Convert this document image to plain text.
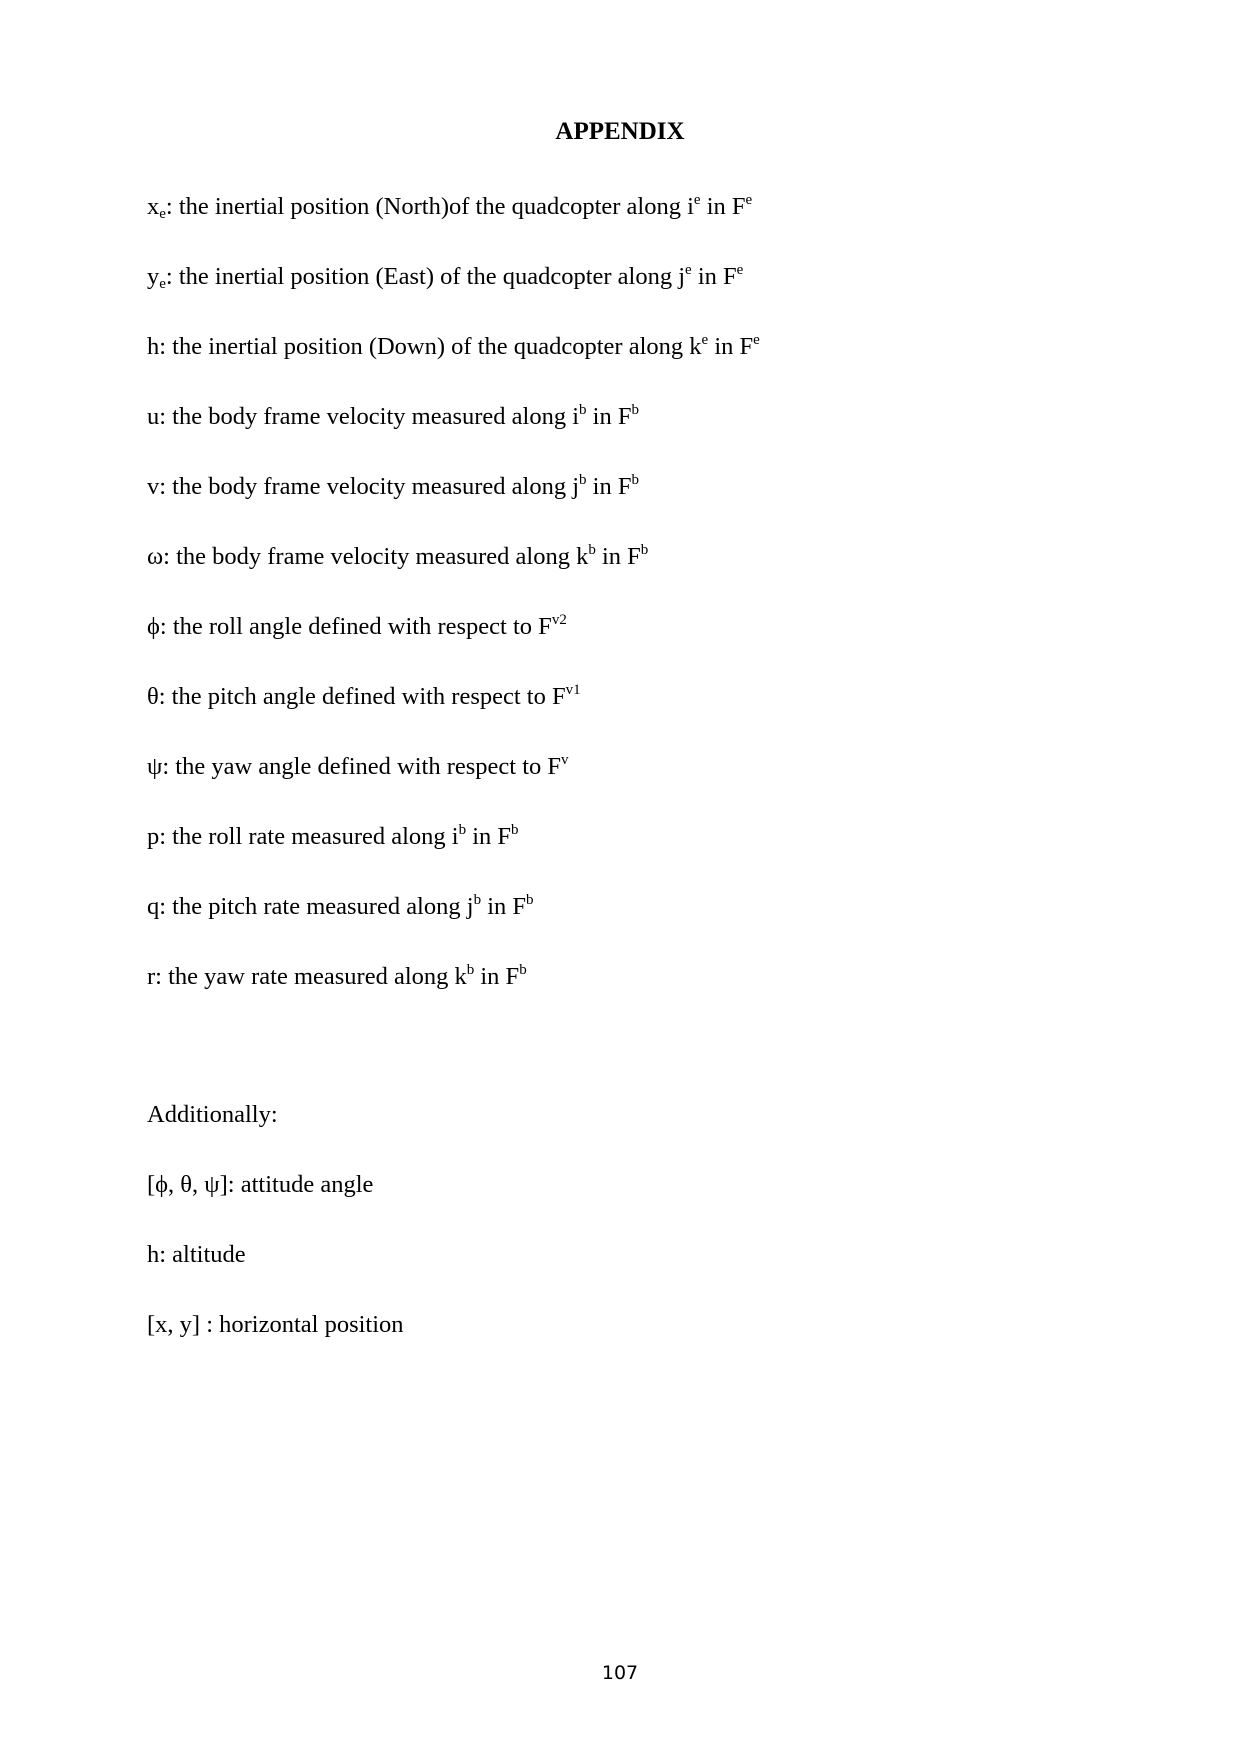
APPENDIX
$x_e$: the inertial position (North)of the quadcopter along $i^e$ in $F^e$
$y_e$: the inertial position (East) of the quadcopter along $j^e$ in $F^e$
h: the inertial position (Down) of the quadcopter along $k^e$ in $F^e$
u: the body frame velocity measured along $i^b$ in $F^b$
v: the body frame velocity measured along $j^b$ in $F^b$
ω: the body frame velocity measured along $k^b$ in $F^b$
ϕ: the roll angle defined with respect to $F^{v2}$
θ: the pitch angle defined with respect to $F^{v1}$
ψ: the yaw angle defined with respect to $F^v$
p: the roll rate measured along $i^b$ in $F^b$
q: the pitch rate measured along $j^b$ in $F^b$
r: the yaw rate measured along $k^b$ in $F^b$
Additionally:
[ϕ, θ, ψ]: attitude angle
h: altitude
[x, y] : horizontal position
107
